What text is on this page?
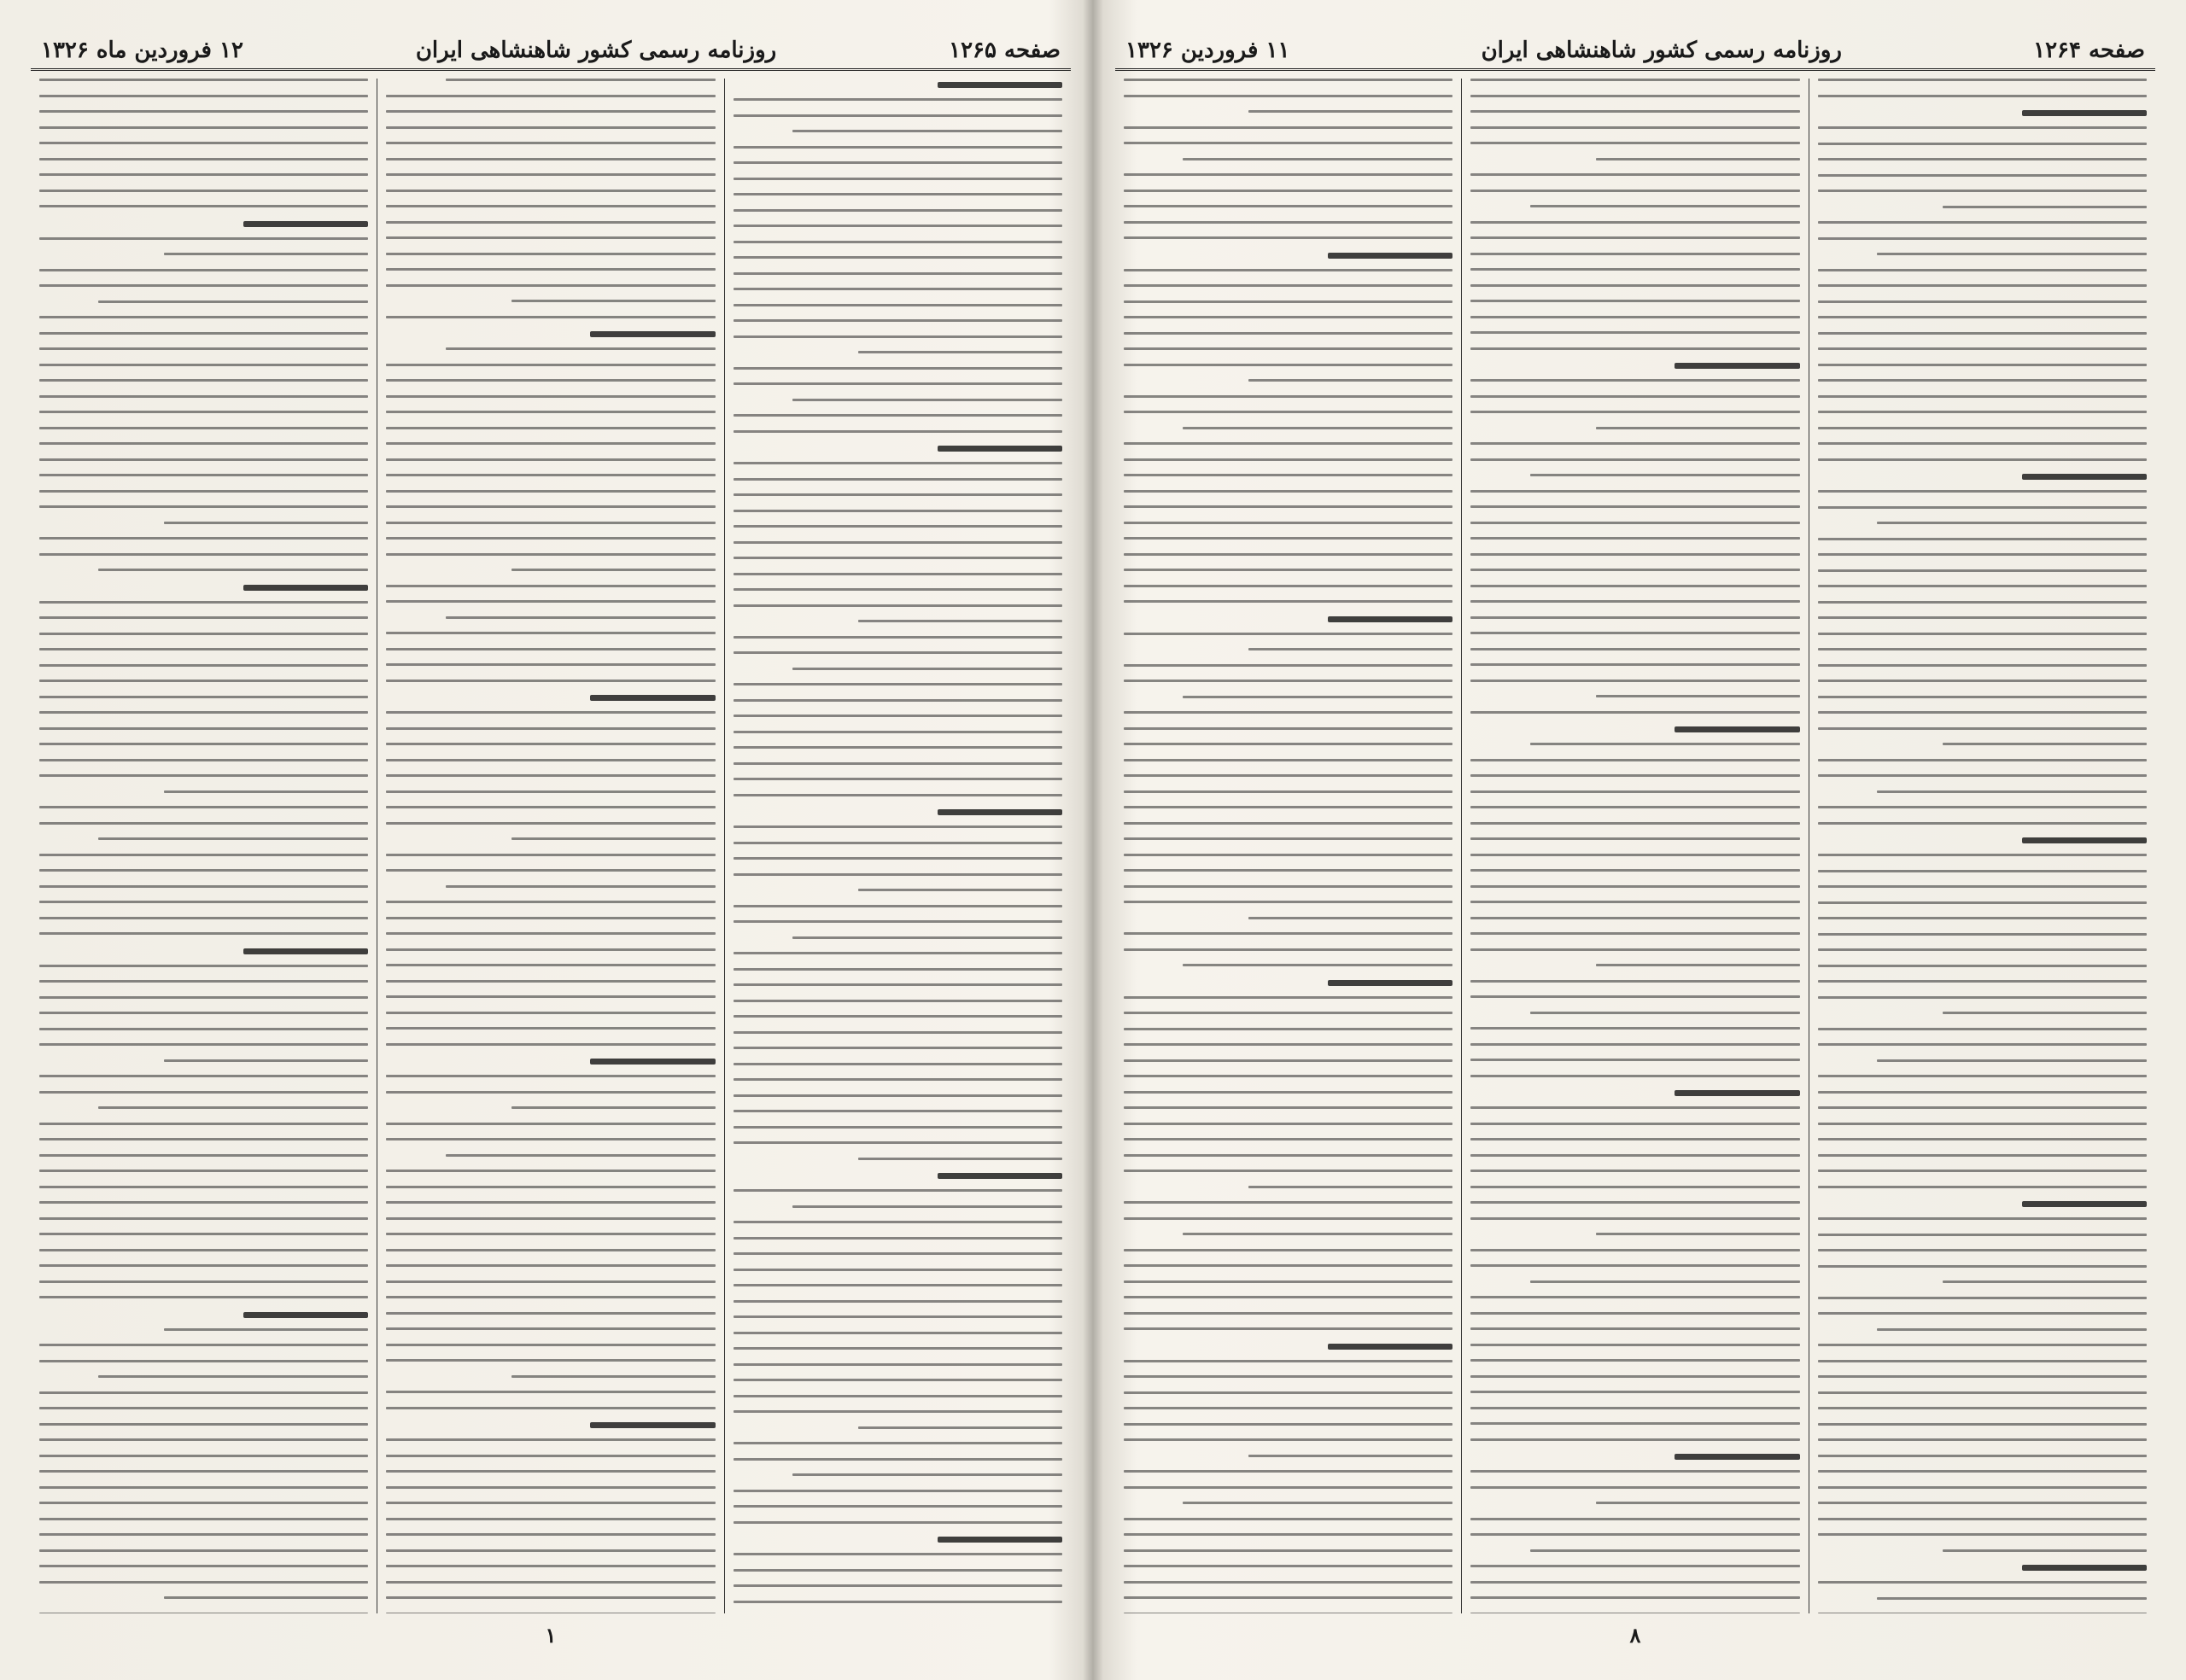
صفحه ۱۲۶۵
روزنامه رسمی کشور شاهنشاهی ایران
۱۲ فروردین ماه ۱۳۲۶
۱
صفحه ۱۲۶۴
روزنامه رسمی کشور شاهنشاهی ایران
۱۱ فروردین ۱۳۲۶
۸
